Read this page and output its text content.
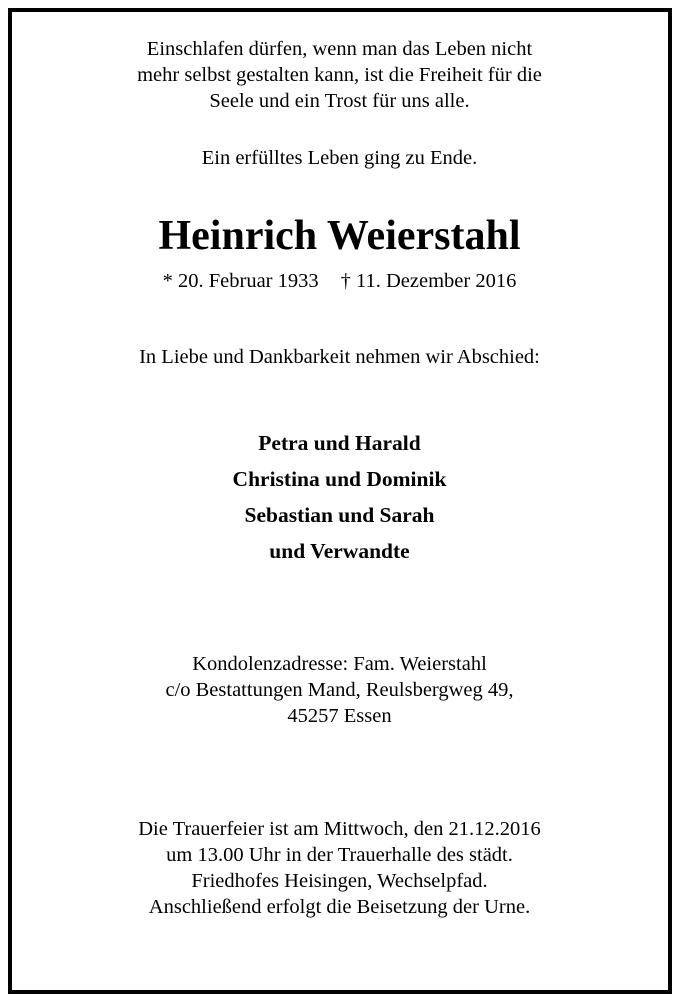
Einschlafen dürfen, wenn man das Leben nicht
mehr selbst gestalten kann, ist die Freiheit für die
Seele und ein Trost für uns alle.
Ein erfülltes Leben ging zu Ende.
Heinrich Weierstahl
* 20. Februar 1933 † 11. Dezember 2016
In Liebe und Dankbarkeit nehmen wir Abschied:
Petra und Harald
Christina und Dominik
Sebastian und Sarah
und Verwandte
Kondolenzadresse: Fam. Weierstahl
c/o Bestattungen Mand, Reulsbergweg 49,
45257 Essen
Die Trauerfeier ist am Mittwoch, den 21.12.2016
um 13.00 Uhr in der Trauerhalle des städt.
Friedhofes Heisingen, Wechselpfad.
Anschließend erfolgt die Beisetzung der Urne.
